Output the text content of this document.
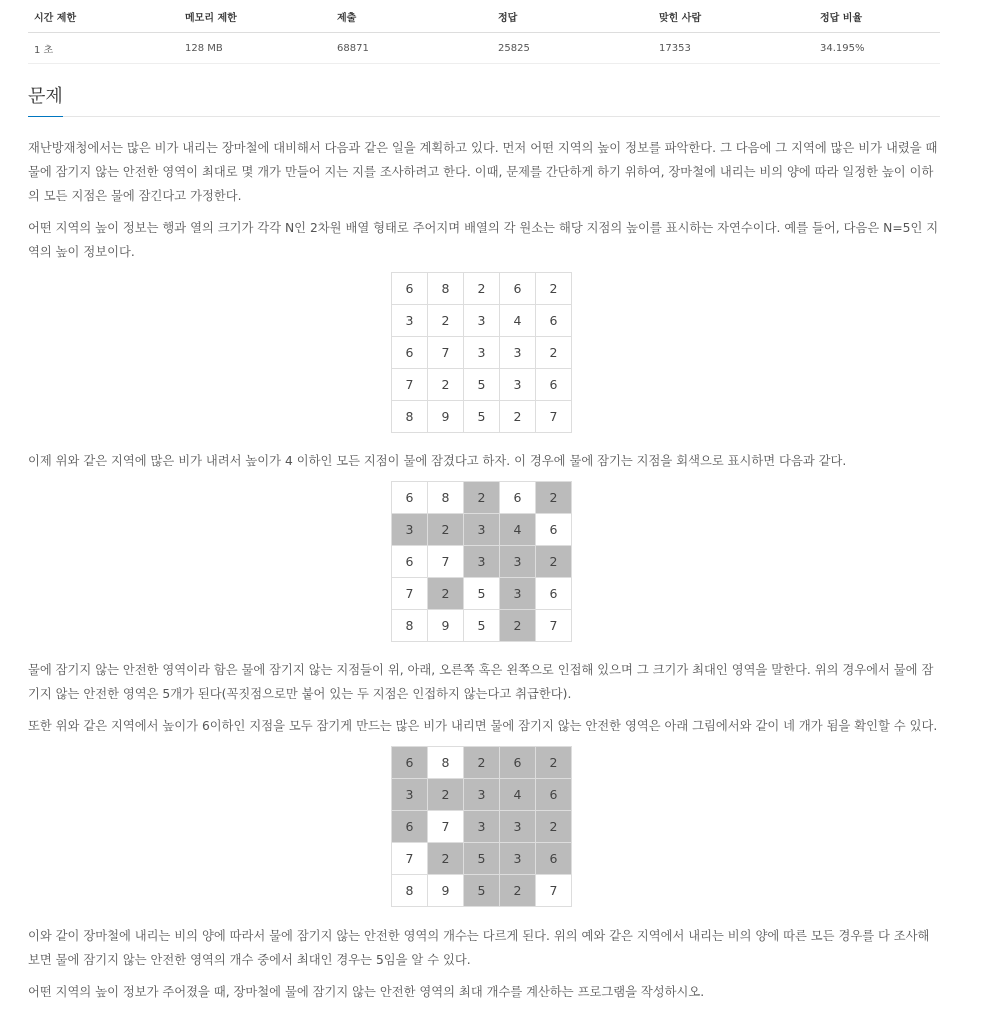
시간 제한	메모리 제한	제출	정답	맞힌 사람	정답 비율
1 초	128 MB	68871	25825	17353	34.195%
문제

재난방재청에서는 많은 비가 내리는 장마철에 대비해서 다음과 같은 일을 계획하고 있다. 먼저 어떤 지역의 높이 정보를 파악한다. 그 다음에 그 지역에 많은 비가 내렸을 때 물에 잠기지 않는 안전한 영역이 최대로 몇 개가 만들어 지는 지를 조사하려고 한다. 이때, 문제를 간단하게 하기 위하여, 장마철에 내리는 비의 양에 따라 일정한 높이 이하의 모든 지점은 물에 잠긴다고 가정한다.

어떤 지역의 높이 정보는 행과 열의 크기가 각각 N인 2차원 배열 형태로 주어지며 배열의 각 원소는 해당 지점의 높이를 표시하는 자연수이다. 예를 들어, 다음은 N=5인 지역의 높이 정보이다.

6	8	2	6	2
3	2	3	4	6
6	7	3	3	2
7	2	5	3	6
8	9	5	2	7

이제 위와 같은 지역에 많은 비가 내려서 높이가 4 이하인 모든 지점이 물에 잠겼다고 하자. 이 경우에 물에 잠기는 지점을 회색으로 표시하면 다음과 같다.

6	8	2	6	2
3	2	3	4	6
6	7	3	3	2
7	2	5	3	6
8	9	5	2	7

물에 잠기지 않는 안전한 영역이라 함은 물에 잠기지 않는 지점들이 위, 아래, 오른쪽 혹은 왼쪽으로 인접해 있으며 그 크기가 최대인 영역을 말한다. 위의 경우에서 물에 잠기지 않는 안전한 영역은 5개가 된다(꼭짓점으로만 붙어 있는 두 지점은 인접하지 않는다고 취급한다).

또한 위와 같은 지역에서 높이가 6이하인 지점을 모두 잠기게 만드는 많은 비가 내리면 물에 잠기지 않는 안전한 영역은 아래 그림에서와 같이 네 개가 됨을 확인할 수 있다.

6	8	2	6	2
3	2	3	4	6
6	7	3	3	2
7	2	5	3	6
8	9	5	2	7

이와 같이 장마철에 내리는 비의 양에 따라서 물에 잠기지 않는 안전한 영역의 개수는 다르게 된다. 위의 예와 같은 지역에서 내리는 비의 양에 따른 모든 경우를 다 조사해 보면 물에 잠기지 않는 안전한 영역의 개수 중에서 최대인 경우는 5임을 알 수 있다.

어떤 지역의 높이 정보가 주어졌을 때, 장마철에 물에 잠기지 않는 안전한 영역의 최대 개수를 계산하는 프로그램을 작성하시오.
